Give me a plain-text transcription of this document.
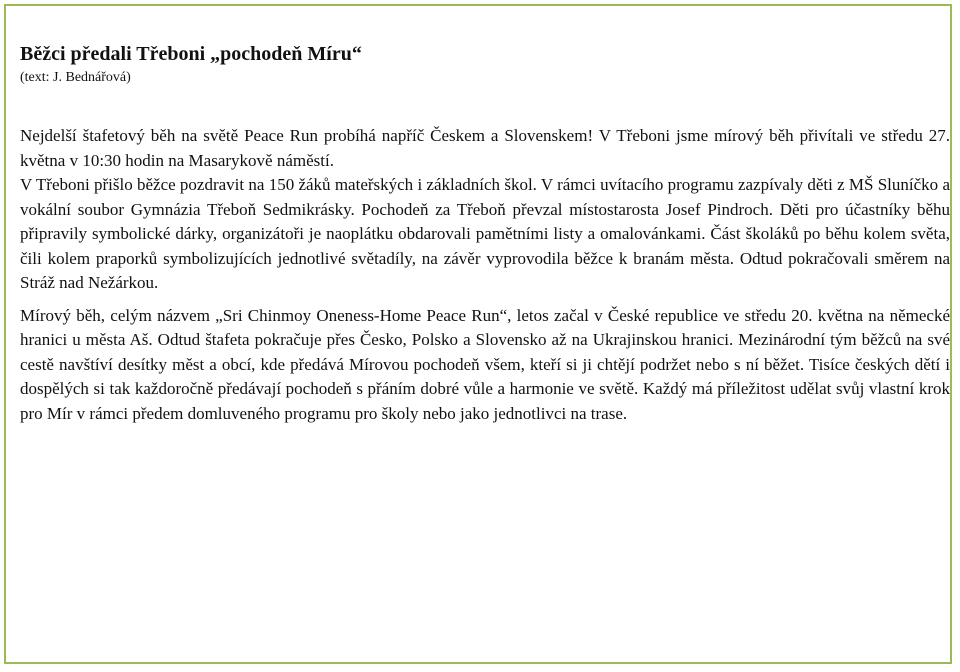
Běžci předali Třeboni „pochodeň Míru“

(text: J. Bednářová)

Nejdelší štafetový běh na světě Peace Run probíhá napříč Českem a Slovenskem! V Třeboni jsme mírový běh přivítali ve středu 27. května v 10:30 hodin na Masarykově náměstí.

V Třeboni přišlo běžce pozdravit na 150 žáků mateřských i základních škol. V rámci uvítacího programu zazpívaly děti z MŠ Sluníčko a vokální soubor Gymnázia Třeboň Sedmikrásky. Pochodeň za Třeboň převzal místostarosta Josef Pindroch. Děti pro účastníky běhu připravily symbolické dárky, organizátoři je naoplátku obdarovali pamětními listy a omalovánkami. Část školáků po běhu kolem světa, čili kolem praporků symbolizujících jednotlivé světadíly, na závěr vyprovodila běžce k branám města. Odtud pokračovali směrem na Stráž nad Nežárkou.

Mírový běh, celým názvem „Sri Chinmoy Oneness-Home Peace Run“, letos začal v České republice ve středu 20. května na německé hranici u města Aš. Odtud štafeta pokračuje přes Česko, Polsko a Slovensko až na Ukrajinskou hranici. Mezinárodní tým běžců na své cestě navštíví desítky měst a obcí, kde předává Mírovou pochodeň všem, kteří si ji chtějí podržet nebo s ní běžet. Tisíce českých dětí i dospělých si tak každoročně předávají pochodeň s přáním dobré vůle a harmonie ve světě. Každý má příležitost udělat svůj vlastní krok pro Mír v rámci předem domluveného programu pro školy nebo jako jednotlivci na trase.
